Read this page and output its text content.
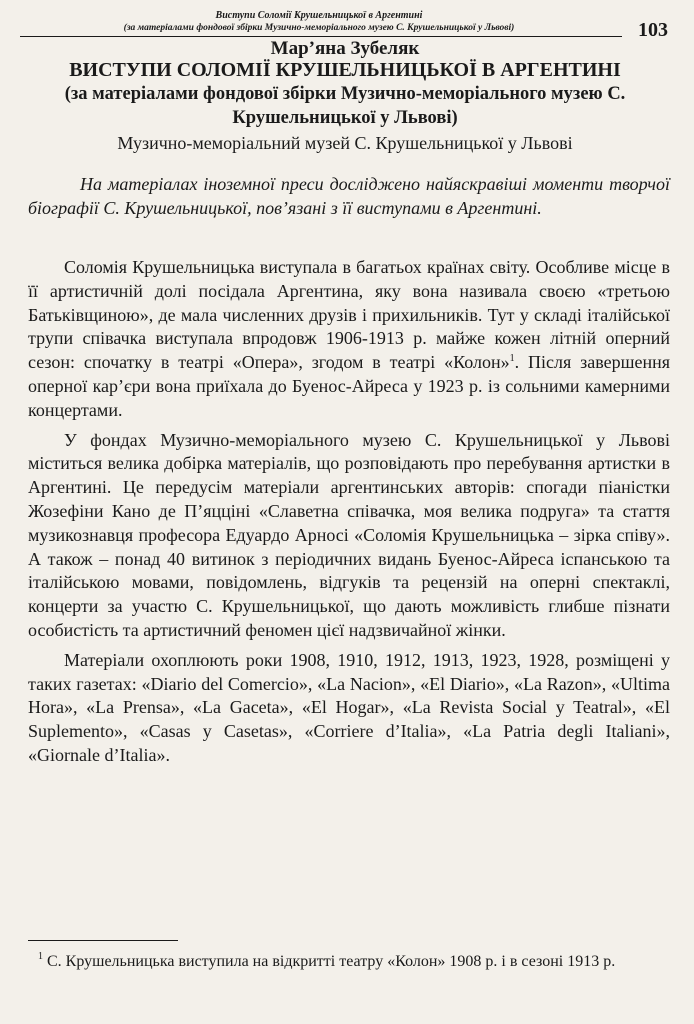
Виступи Соломії Крушельницької в Аргентині
(за матеріалами фондової збірки Музично-меморіального музею С. Крушельницької у Львові)	103
Мар’яна Зубеляк
ВИСТУПИ СОЛОМІЇ КРУШЕЛЬНИЦЬКОЇ В АРГЕНТИНІ
(за матеріалами фондової збірки Музично-меморіального музею С. Крушельницької у Львові)
Музично-меморіальний музей С. Крушельницької у Львові
На матеріалах іноземної преси досліджено найяскравіші моменти творчої біографії С. Крушельницької, пов’язані з її виступами в Аргентині.

Соломія Крушельницька виступала в багатьох країнах світу. Особливе місце в її артистичній долі посідала Аргентина, яку вона називала своєю «третьою Батьківщиною», де мала численних друзів і прихильників. Тут у складі італійської трупи співачка виступала впродовж 1906-1913 р. майже кожен літній оперний сезон: спочатку в театрі «Опера», згодом в театрі «Колон»$^1$. Після завершення оперної кар’єри вона приїхала до Буенос-Айреса у 1923 р. із сольними камерними концертами.

У фондах Музично-меморіального музею С. Крушельницької у Львові міститься велика добірка матеріалів, що розповідають про перебування артистки в Аргентині. Це передусім матеріали аргентинських авторів: спогади піаністки Жозефіни Кано де П’яцціні «Славетна співачка, моя велика подруга» та стаття музикознавця професора Едуардо Арносі «Соломія Крушельницька – зірка співу». А також – понад 40 витинок з періодичних видань Буенос-Айреса іспанською та італійською мовами, повідомлень, відгуків та рецензій на оперні спектаклі, концерти за участю С. Крушельницької, що дають можливість глибше пізнати особистість та артистичний феномен цієї надзвичайної жінки.

Матеріали охоплюють роки 1908, 1910, 1912, 1913, 1923, 1928, розміщені у таких газетах: «Diario del Comercio», «La Nacion», «El Diario», «La Razon», «Ultima Hora», «La Prensa», «La Gaceta», «El Hogar», «La Revista Social y Teatral», «El Suplemento», «Casas y Casetas», «Corriere d’Italia», «La Patria degli Italiani», «Giornale d’Italia».

$^1$ С. Крушельницька виступила на відкритті театру «Колон» 1908 р. і в сезоні 1913 р.
